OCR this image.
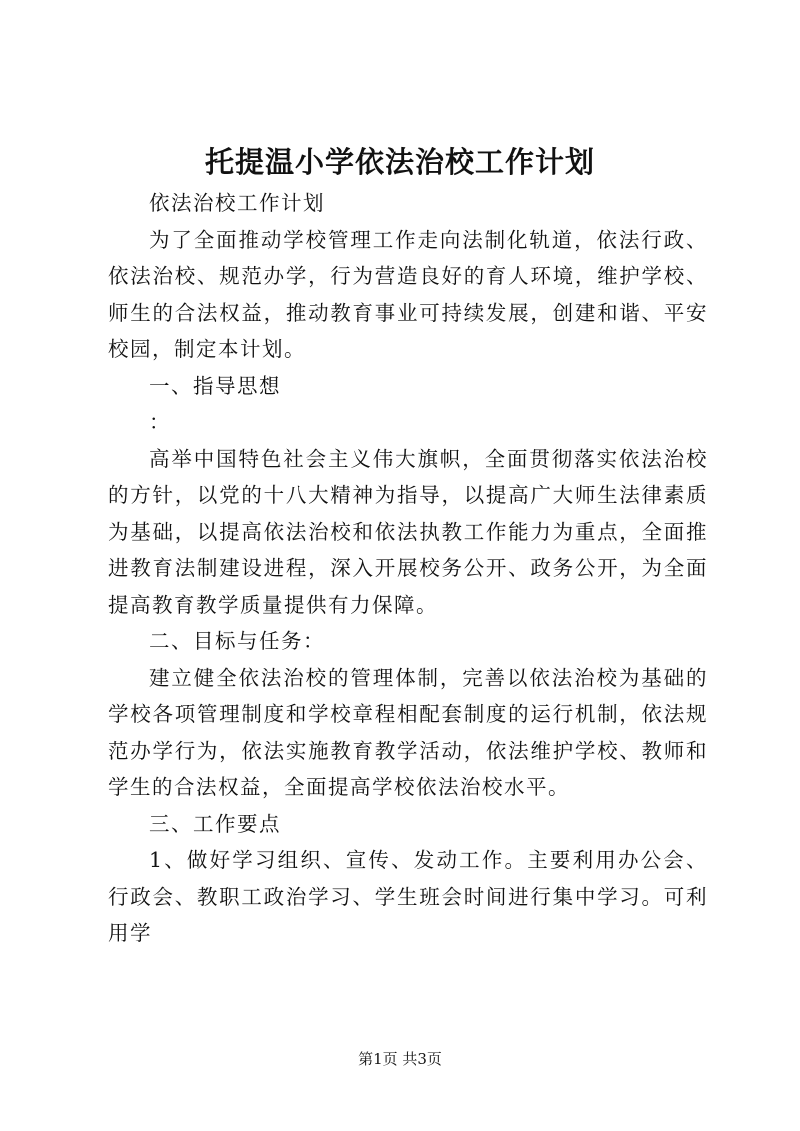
托提温小学依法治校工作计划

依法治校工作计划

为了全面推动学校管理工作走向法制化轨道，依法行政、依法治校、规范办学，行为营造良好的育人环境，维护学校、师生的合法权益，推动教育事业可持续发展，创建和谐、平安校园，制定本计划。

一、指导思想

：

高举中国特色社会主义伟大旗帜，全面贯彻落实依法治校的方针，以党的十八大精神为指导，以提高广大师生法律素质为基础，以提高依法治校和依法执教工作能力为重点，全面推进教育法制建设进程，深入开展校务公开、政务公开，为全面提高教育教学质量提供有力保障。

二、目标与任务：

建立健全依法治校的管理体制，完善以依法治校为基础的学校各项管理制度和学校章程相配套制度的运行机制，依法规范办学行为，依法实施教育教学活动，依法维护学校、教师和学生的合法权益，全面提高学校依法治校水平。

三、工作要点

1、做好学习组织、宣传、发动工作。主要利用办公会、行政会、教职工政治学习、学生班会时间进行集中学习。可利用学

第1页 共3页
